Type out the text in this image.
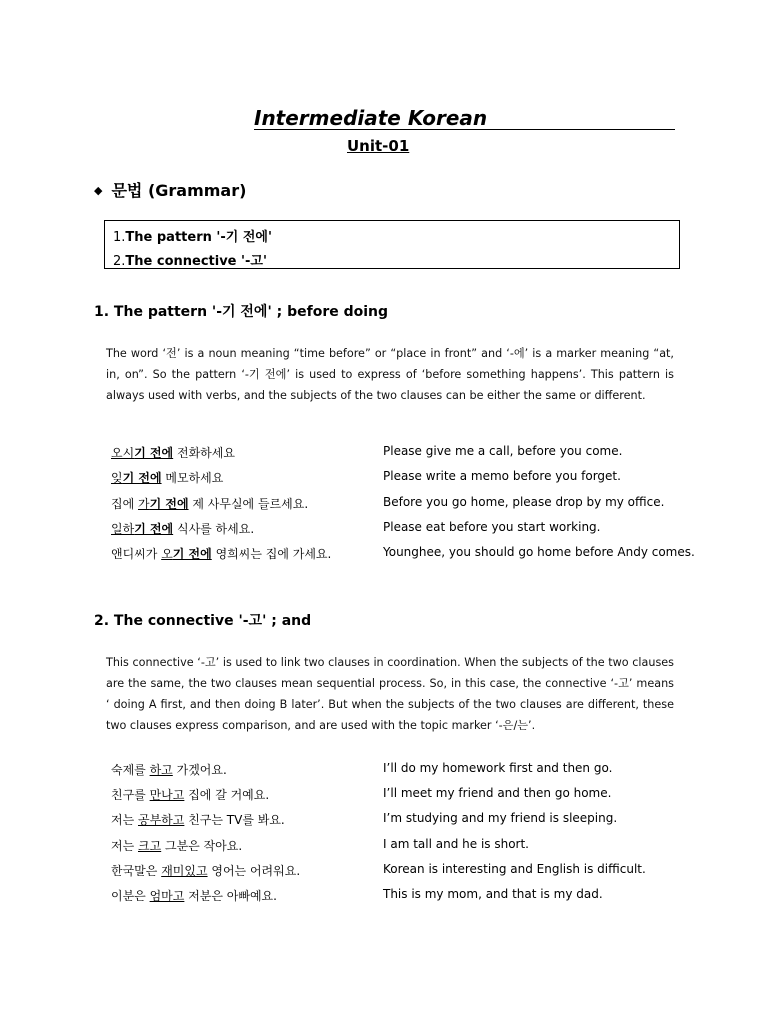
Intermediate Korean
Unit-01
◆ 문법 (Grammar)
1.The pattern '-기 전에'
2.The connective '-고'
1. The pattern '-기 전에' ; before doing
The word ‘전’ is a noun meaning “time before” or “place in front” and ‘-에’ is a marker meaning “at, in, on”. So the pattern ‘-기 전에’ is used to express of ‘before something happens’. This pattern is always used with verbs, and the subjects of the two clauses can be either the same or different.
오시기 전에 전화하세요	Please give me a call, before you come.
잊기 전에 메모하세요	Please write a memo before you forget.
집에 가기 전에 제 사무실에 들르세요.	Before you go home, please drop by my office.
일하기 전에 식사를 하세요.	Please eat before you start working.
앤디씨가 오기 전에 영희씨는 집에 가세요.	Younghee, you should go home before Andy comes.
2. The connective '-고' ; and
This connective ‘-고’ is used to link two clauses in coordination. When the subjects of the two clauses are the same, the two clauses mean sequential process. So, in this case, the connective ‘-고’ means ‘ doing A first, and then doing B later’. But when the subjects of the two clauses are different, these two clauses express comparison, and are used with the topic marker ‘-은/는’.
숙제를 하고 가겠어요.	I’ll do my homework first and then go.
친구를 만나고 집에 갈 거예요.	I’ll meet my friend and then go home.
저는 공부하고 친구는 TV를 봐요.	I’m studying and my friend is sleeping.
저는 크고 그분은 작아요.	I am tall and he is short.
한국말은 재미있고 영어는 어려워요.	Korean is interesting and English is difficult.
이분은 엄마고 저분은 아빠예요.	This is my mom, and that is my dad.
